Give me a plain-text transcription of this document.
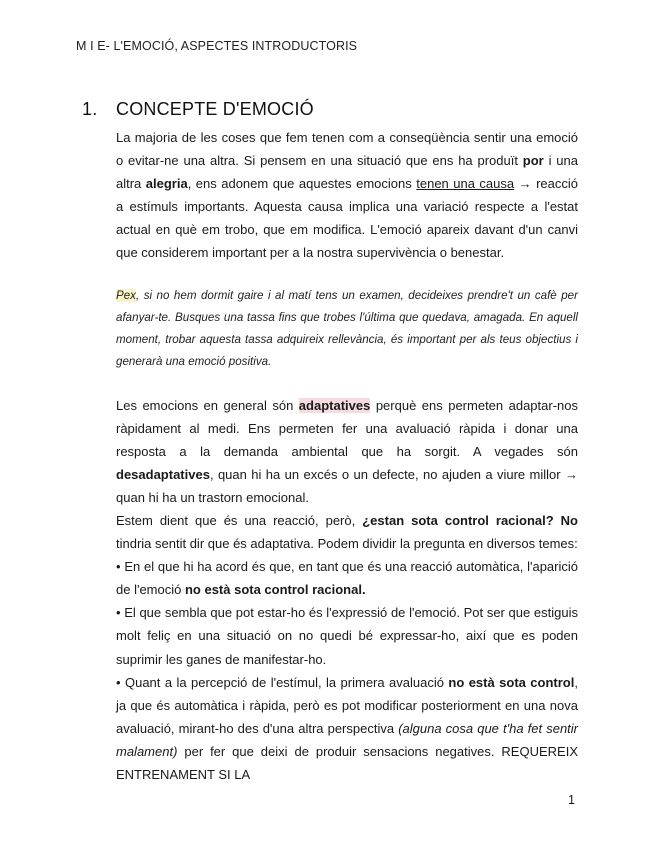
M I E- L'EMOCIÓ, ASPECTES INTRODUCTORIS
1. CONCEPTE D'EMOCIÓ
La majoria de les coses que fem tenen com a conseqüència sentir una emoció o evitar-ne una altra. Si pensem en una situació que ens ha produït por i una altra alegria, ens adonem que aquestes emocions tenen una causa → reacció a estímuls importants. Aquesta causa implica una variació respecte a l'estat actual en què em trobo, que em modifica. L'emoció apareix davant d'un canvi que considerem important per a la nostra supervivència o benestar.
Pex, si no hem dormit gaire i al matí tens un examen, decideixes prendre't un cafè per afanyar-te. Busques una tassa fins que trobes l'última que quedava, amagada. En aquell moment, trobar aquesta tassa adquireix rellevància, és important per als teus objectius i generarà una emoció positiva.
Les emocions en general són adaptatives perquè ens permeten adaptar-nos ràpidament al medi. Ens permeten fer una avaluació ràpida i donar una resposta a la demanda ambiental que ha sorgit. A vegades són desadaptatives, quan hi ha un excés o un defecte, no ajuden a viure millor → quan hi ha un trastorn emocional.
Estem dient que és una reacció, però, ¿estan sota control racional? No tindria sentit dir que és adaptativa. Podem dividir la pregunta en diversos temes:
• En el que hi ha acord és que, en tant que és una reacció automàtica, l'aparició de l'emoció no està sota control racional.
• El que sembla que pot estar-ho és l'expressió de l'emoció. Pot ser que estiguis molt feliç en una situació on no quedi bé expressar-ho, així que es poden suprimir les ganes de manifestar-ho.
• Quant a la percepció de l'estímul, la primera avaluació no està sota control, ja que és automàtica i ràpida, però es pot modificar posteriorment en una nova avaluació, mirant-ho des d'una altra perspectiva (alguna cosa que t'ha fet sentir malament) per fer que deixi de produir sensacions negatives. REQUEREIX ENTRENAMENT SI LA
1
